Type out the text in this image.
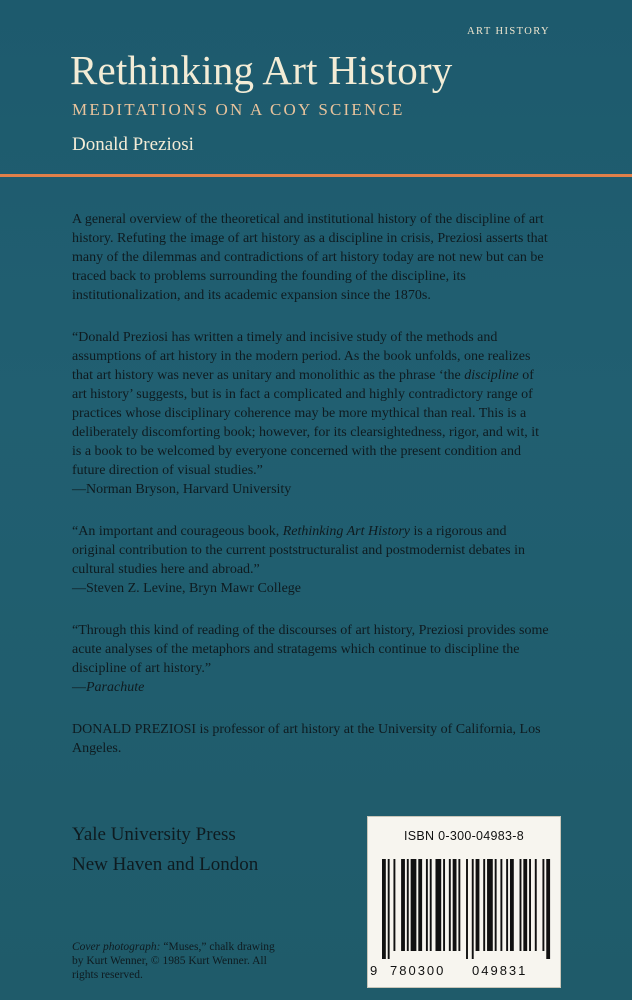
ART HISTORY
Rethinking Art History
MEDITATIONS ON A COY SCIENCE
Donald Preziosi

A general overview of the theoretical and institutional history of the discipline of art history. Refuting the image of art history as a discipline in crisis, Preziosi asserts that many of the dilemmas and contradictions of art history today are not new but can be traced back to problems surrounding the founding of the discipline, its institutionalization, and its academic expansion since the 1870s.

“Donald Preziosi has written a timely and incisive study of the methods and assumptions of art history in the modern period. As the book unfolds, one realizes that art history was never as unitary and monolithic as the phrase ‘the discipline of art history’ suggests, but is in fact a complicated and highly contradictory range of practices whose disciplinary coherence may be more mythical than real. This is a deliberately discomforting book; however, for its clearsightedness, rigor, and wit, it is a book to be welcomed by everyone concerned with the present condition and future direction of visual studies.”
—Norman Bryson, Harvard University

“An important and courageous book, Rethinking Art History is a rigorous and original contribution to the current poststructuralist and postmodernist debates in cultural studies here and abroad.”
—Steven Z. Levine, Bryn Mawr College

“Through this kind of reading of the discourses of art history, Preziosi provides some acute analyses of the metaphors and stratagems which continue to discipline the discipline of art history.”
—Parachute

DONALD PREZIOSI is professor of art history at the University of California, Los Angeles.

Yale University Press
New Haven and London
Cover photograph: “Muses,” chalk drawing by Kurt Wenner, © 1985 Kurt Wenner. All rights reserved.
ISBN 0-300-04983-8
9 780300 049831
